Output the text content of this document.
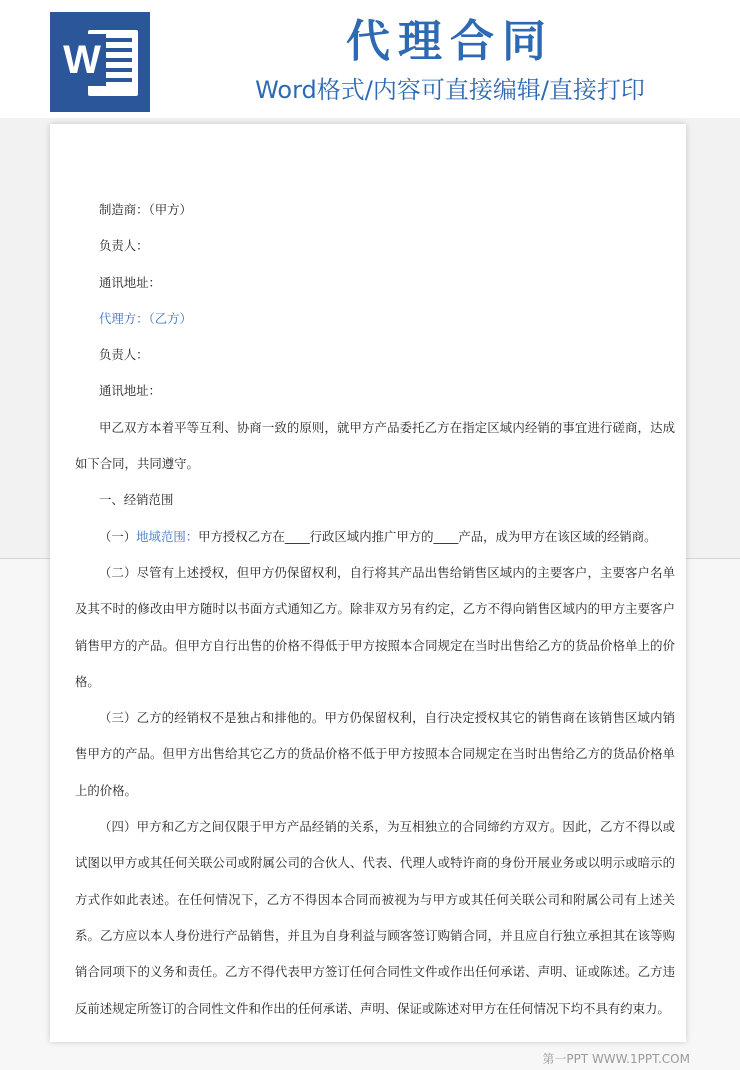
W	代理合同
Word格式/内容可直接编辑/直接打印

制造商：（甲方）

负责人：

通讯地址：

代理方：（乙方）

负责人：

通讯地址：

甲乙双方本着平等互利、协商一致的原则，就甲方产品委托乙方在指定区域内经销的事宜进行磋商，达成如下合同，共同遵守。

一、经销范围

（一）地域范围：甲方授权乙方在____行政区域内推广甲方的____产品，成为甲方在该区域的经销商。

（二）尽管有上述授权，但甲方仍保留权利，自行将其产品出售给销售区域内的主要客户，主要客户名单及其不时的修改由甲方随时以书面方式通知乙方。除非双方另有约定，乙方不得向销售区域内的甲方主要客户销售甲方的产品。但甲方自行出售的价格不得低于甲方按照本合同规定在当时出售给乙方的货品价格单上的价格。

（三）乙方的经销权不是独占和排他的。甲方仍保留权利，自行决定授权其它的销售商在该销售区域内销售甲方的产品。但甲方出售给其它乙方的货品价格不低于甲方按照本合同规定在当时出售给乙方的货品价格单上的价格。

（四）甲方和乙方之间仅限于甲方产品经销的关系，为互相独立的合同缔约方双方。因此，乙方不得以或试图以甲方或其任何关联公司或附属公司的合伙人、代表、代理人或特许商的身份开展业务或以明示或暗示的方式作如此表述。在任何情况下，乙方不得因本合同而被视为与甲方或其任何关联公司和附属公司有上述关系。乙方应以本人身份进行产品销售，并且为自身利益与顾客签订购销合同，并且应自行独立承担其在该等购销合同项下的义务和责任。乙方不得代表甲方签订任何合同性文件或作出任何承诺、声明、证或陈述。乙方违反前述规定所签订的合同性文件和作出的任何承诺、声明、保证或陈述对甲方在任何情况下均不具有约束力。

第一PPT WWW.1PPT.COM
